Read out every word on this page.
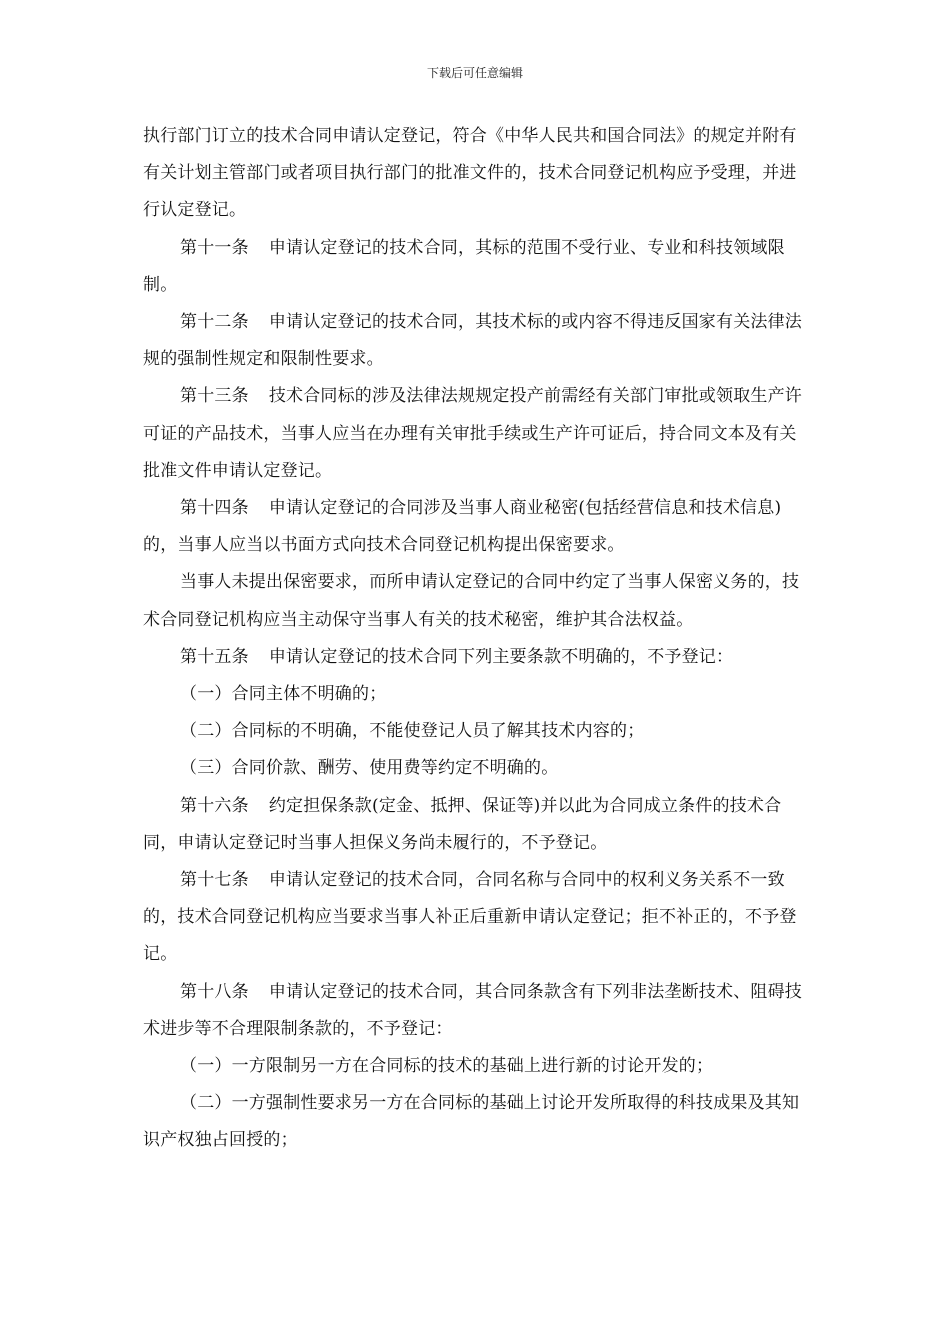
下载后可任意编辑

执行部门订立的技术合同申请认定登记，符合《中华人民共和国合同法》的规定并附有有关计划主管部门或者项目执行部门的批准文件的，技术合同登记机构应予受理，并进行认定登记。

第十一条 申请认定登记的技术合同，其标的范围不受行业、专业和科技领域限制。

第十二条 申请认定登记的技术合同，其技术标的或内容不得违反国家有关法律法规的强制性规定和限制性要求。

第十三条 技术合同标的涉及法律法规规定投产前需经有关部门审批或领取生产许可证的产品技术，当事人应当在办理有关审批手续或生产许可证后，持合同文本及有关批准文件申请认定登记。

第十四条 申请认定登记的合同涉及当事人商业秘密(包括经营信息和技术信息)的，当事人应当以书面方式向技术合同登记机构提出保密要求。

当事人未提出保密要求，而所申请认定登记的合同中约定了当事人保密义务的，技术合同登记机构应当主动保守当事人有关的技术秘密，维护其合法权益。

第十五条 申请认定登记的技术合同下列主要条款不明确的，不予登记：

（一）合同主体不明确的；

（二）合同标的不明确，不能使登记人员了解其技术内容的；

（三）合同价款、酬劳、使用费等约定不明确的。

第十六条 约定担保条款(定金、抵押、保证等)并以此为合同成立条件的技术合同，申请认定登记时当事人担保义务尚未履行的，不予登记。

第十七条 申请认定登记的技术合同，合同名称与合同中的权利义务关系不一致的，技术合同登记机构应当要求当事人补正后重新申请认定登记；拒不补正的，不予登记。

第十八条 申请认定登记的技术合同，其合同条款含有下列非法垄断技术、阻碍技术进步等不合理限制条款的，不予登记：

（一）一方限制另一方在合同标的技术的基础上进行新的讨论开发的；

（二）一方强制性要求另一方在合同标的基础上讨论开发所取得的科技成果及其知识产权独占回授的；
